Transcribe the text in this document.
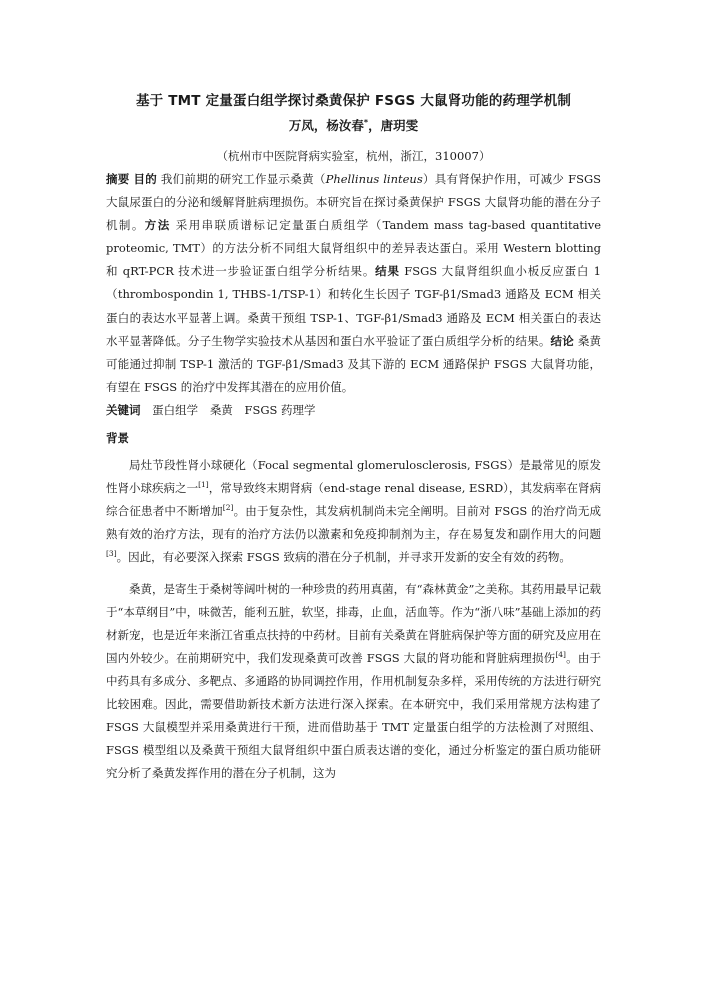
基于 TMT 定量蛋白组学探讨桑黄保护 FSGS 大鼠肾功能的药理学机制
万凤，杨汝春*，唐玥雯
（杭州市中医院肾病实验室，杭州，浙江，310007）

摘要 目的 我们前期的研究工作显示桑黄（Phellinus linteus）具有肾保护作用，可减少 FSGS 大鼠尿蛋白的分泌和缓解肾脏病理损伤。本研究旨在探讨桑黄保护 FSGS 大鼠肾功能的潜在分子机制。方法 采用串联质谱标记定量蛋白质组学（Tandem mass tag-based quantitative proteomic, TMT）的方法分析不同组大鼠肾组织中的差异表达蛋白。采用 Western blotting 和 qRT-PCR 技术进一步验证蛋白组学分析结果。结果 FSGS 大鼠肾组织血小板反应蛋白 1（thrombospondin 1, THBS-1/TSP-1）和转化生长因子 TGF-β1/Smad3 通路及 ECM 相关蛋白的表达水平显著上调。桑黄干预组 TSP-1、TGF-β1/Smad3 通路及 ECM 相关蛋白的表达水平显著降低。分子生物学实验技术从基因和蛋白水平验证了蛋白质组学分析的结果。结论 桑黄可能通过抑制 TSP-1 激活的 TGF-β1/Smad3 及其下游的 ECM 通路保护 FSGS 大鼠肾功能，有望在 FSGS 的治疗中发挥其潜在的应用价值。

关键词 蛋白组学 桑黄 FSGS 药理学

背景

局灶节段性肾小球硬化（Focal segmental glomerulosclerosis, FSGS）是最常见的原发性肾小球疾病之一[1]，常导致终末期肾病（end-stage renal disease, ESRD），其发病率在肾病综合征患者中不断增加[2]。由于复杂性，其发病机制尚未完全阐明。目前对 FSGS 的治疗尚无成熟有效的治疗方法，现有的治疗方法仍以激素和免疫抑制剂为主，存在易复发和副作用大的问题[3]。因此，有必要深入探索 FSGS 致病的潜在分子机制，并寻求开发新的安全有效的药物。

桑黄，是寄生于桑树等阔叶树的一种珍贵的药用真菌，有“森林黄金”之美称。其药用最早记载于“本草纲目”中，味微苦，能利五脏，软坚，排毒，止血，活血等。作为“浙八味”基础上添加的药材新宠，也是近年来浙江省重点扶持的中药材。目前有关桑黄在肾脏病保护等方面的研究及应用在国内外较少。在前期研究中，我们发现桑黄可改善 FSGS 大鼠的肾功能和肾脏病理损伤[4]。由于中药具有多成分、多靶点、多通路的协同调控作用，作用机制复杂多样，采用传统的方法进行研究比较困难。因此，需要借助新技术新方法进行深入探索。在本研究中，我们采用常规方法构建了 FSGS 大鼠模型并采用桑黄进行干预，进而借助基于 TMT 定量蛋白组学的方法检测了对照组、FSGS 模型组以及桑黄干预组大鼠肾组织中蛋白质表达谱的变化，通过分析鉴定的蛋白质功能研究分析了桑黄发挥作用的潜在分子机制，这为
